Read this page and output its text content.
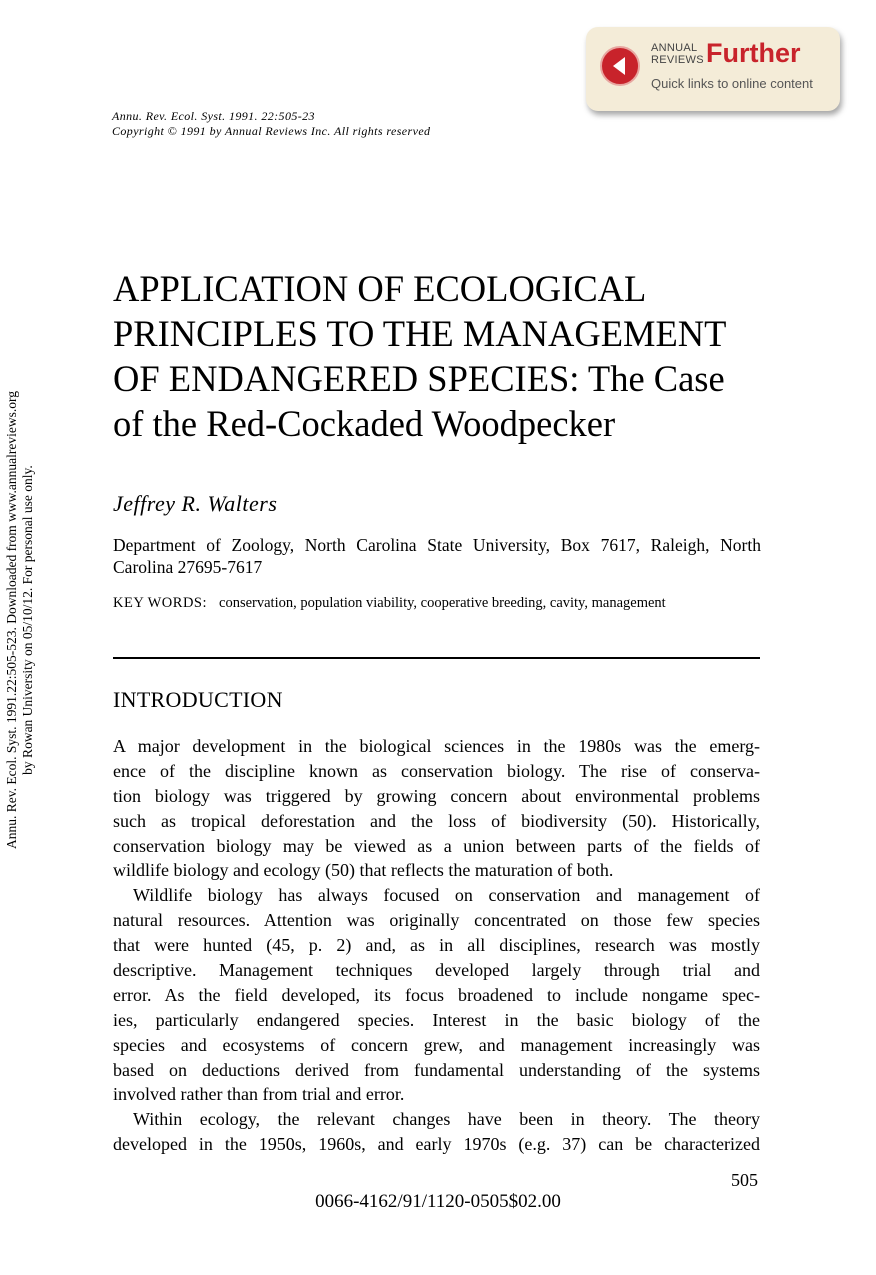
ANNUAL
REVIEWS Further
Quick links to online content
Annu. Rev. Ecol. Syst. 1991.22:505-523. Downloaded from www.annualreviews.org by Rowan University on 05/10/12. For personal use only.
Annu. Rev. Ecol. Syst. 1991. 22:505-23
Copyright © 1991 by Annual Reviews Inc. All rights reserved
APPLICATION OF ECOLOGICAL
PRINCIPLES TO THE MANAGEMENT
OF ENDANGERED SPECIES: The Case
of the Red-Cockaded Woodpecker
Jeffrey R. Walters
Department of Zoology, North Carolina State University, Box 7617, Raleigh, North Carolina 27695-7617
KEY WORDS: conservation, population viability, cooperative breeding, cavity, management
INTRODUCTION
A major development in the biological sciences in the 1980s was the emerg-
ence of the discipline known as conservation biology. The rise of conserva-
tion biology was triggered by growing concern about environmental problems
such as tropical deforestation and the loss of biodiversity (50). Historically,
conservation biology may be viewed as a union between parts of the fields of
wildlife biology and ecology (50) that reflects the maturation of both.
Wildlife biology has always focused on conservation and management of
natural resources. Attention was originally concentrated on those few species
that were hunted (45, p. 2) and, as in all disciplines, research was mostly
descriptive. Management techniques developed largely through trial and
error. As the field developed, its focus broadened to include nongame spec-
ies, particularly endangered species. Interest in the basic biology of the
species and ecosystems of concern grew, and management increasingly was
based on deductions derived from fundamental understanding of the systems
involved rather than from trial and error.
Within ecology, the relevant changes have been in theory. The theory
developed in the 1950s, 1960s, and early 1970s (e.g. 37) can be characterized
505
0066-4162/91/1120-0505$02.00
